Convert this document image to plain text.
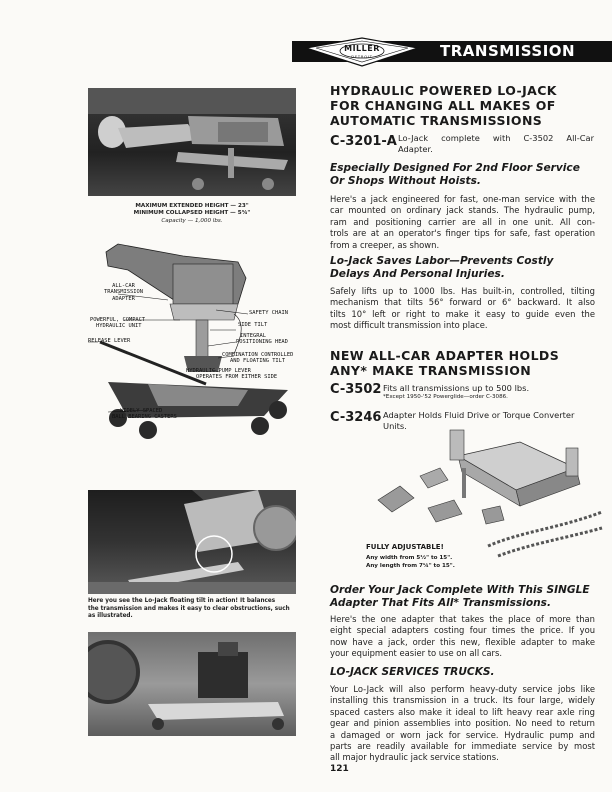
MILLER
DETROIT	TRANSMISSION
MAXIMUM EXTENDED HEIGHT — 23"
MINIMUM COLLAPSED HEIGHT — 5¾"
Capacity — 1,000 lbs.
ALL-CAR
TRANSMISSION
ADAPTER
POWERFUL, COMPACT
HYDRAULIC UNIT
RELEASE LEVER
SAFETY CHAIN
SIDE TILT
INTEGRAL
POSITIONING HEAD
COMBINATION CONTROLLED
AND FLOATING TILT
HYDRAULIC PUMP LEVER
OPERATES FROM EITHER SIDE
WIDELY SPACED
BALL BEARING CASTERS
Here you see the Lo-Jack floating tilt in action! It balances
the transmission and makes it easy to clear obstructions, such
as illustrated.
HYDRAULIC POWERED LO-JACK
FOR CHANGING ALL MAKES OF
AUTOMATIC TRANSMISSIONS
C-3201-A Lo-Jack complete with C-3502 All-Car
Adapter.
Especially Designed For 2nd Floor Service
Or Shops Without Hoists.
Here's a jack engineered for fast, one-man service with the
car mounted on ordinary jack stands. The hydraulic pump,
ram and positioning carrier are all in one unit. All con-
trols are at an operator's finger tips for safe, fast operation
from a creeper, as shown.
Lo-Jack Saves Labor—Prevents Costly
Delays And Personal Injuries.
Safely lifts up to 1000 lbs. Has built-in, controlled, tilting
mechanism that tilts 56° forward or 6° backward. It also
tilts 10° left or right to make it easy to guide even the
most difficult transmission into place.
NEW ALL-CAR ADAPTER HOLDS
ANY* MAKE TRANSMISSION
C-3502 Fits all transmissions up to 500 lbs.
*Except 1950-'52 Powerglide—order C-3086.
C-3246 Adapter Holds Fluid Drive or Torque Converter
Units.
FULLY ADJUSTABLE!
Any width from 5½" to 15".
Any length from 7¼" to 15".
Order Your Jack Complete With This SINGLE
Adapter That Fits All* Transmissions.
Here's the one adapter that takes the place of more than
eight special adapters costing four times the price. If you
now have a jack, order this new, flexible adapter to make
your equipment easier to use on all cars.
LO-JACK SERVICES TRUCKS.
Your Lo-Jack will also perform heavy-duty service jobs like
installing this transmission in a truck. Its four large, widely
spaced casters also make it ideal to lift heavy rear axle ring
gear and pinion assemblies into position. No need to return
a damaged or worn jack for service. Hydraulic pump and
parts are readily available for immediate service by most
all major hydraulic jack service stations.
121
